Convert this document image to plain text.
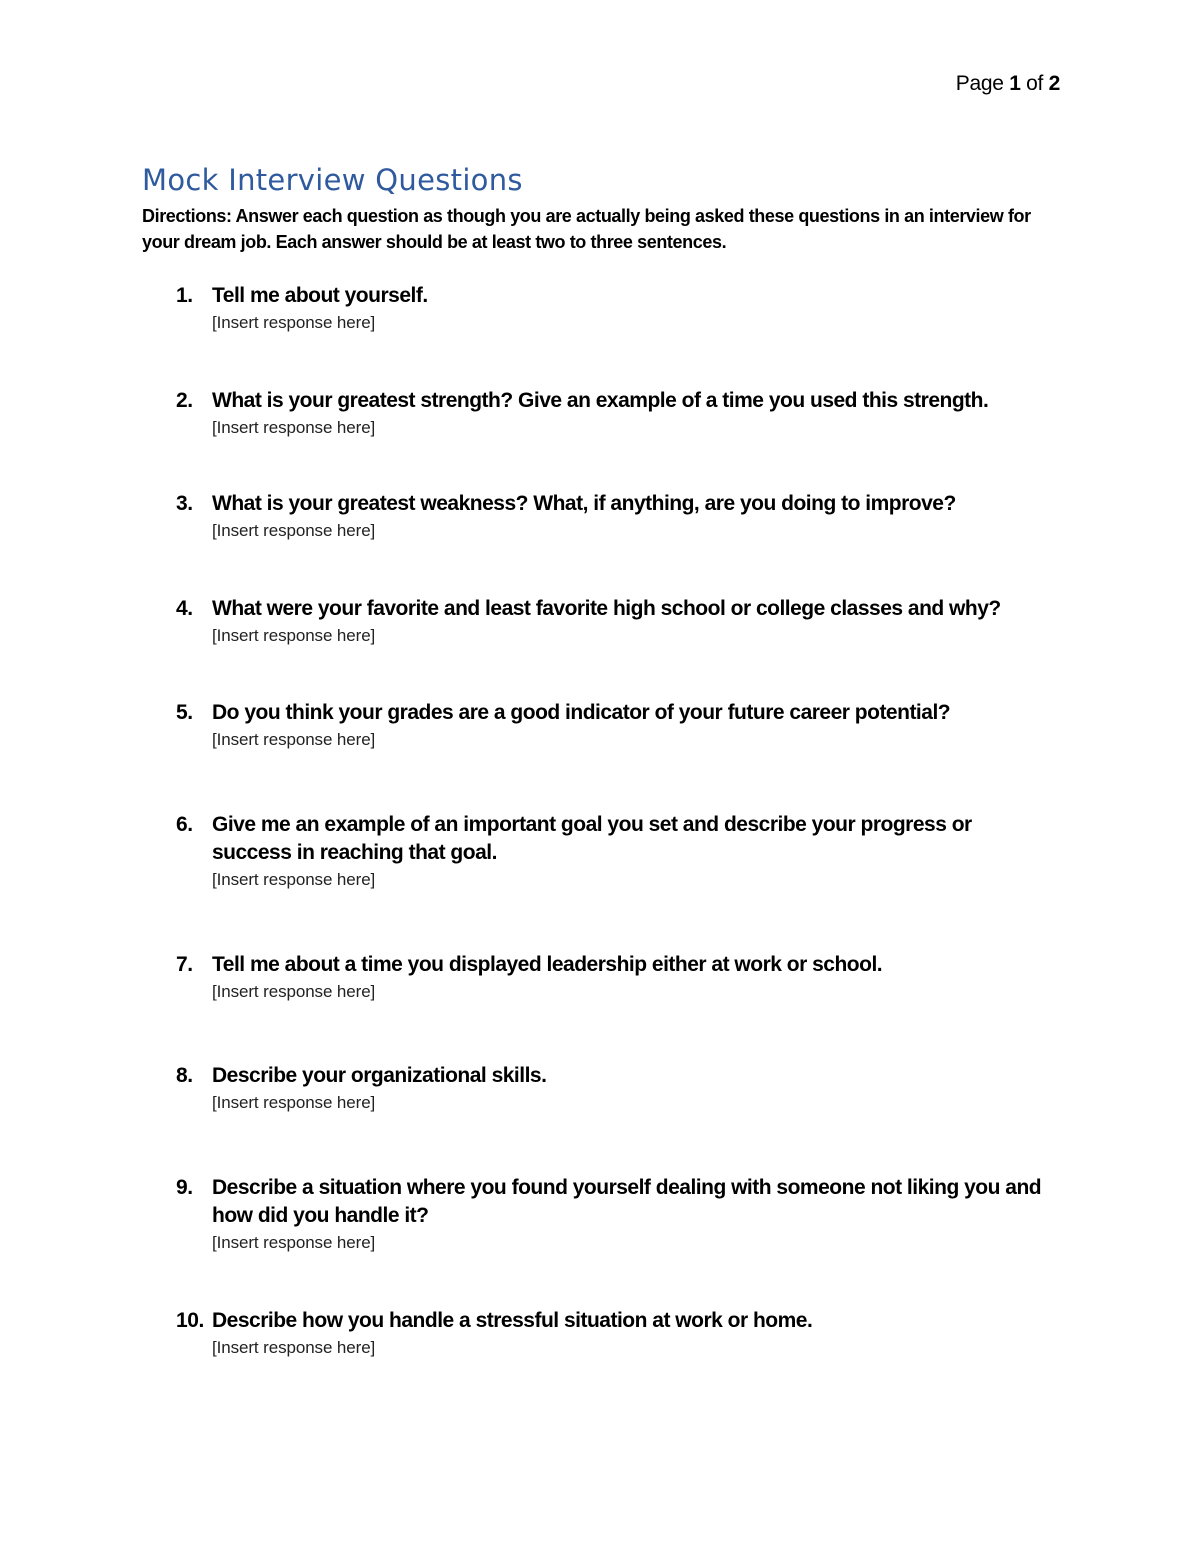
Page 1 of 2
Mock Interview Questions
Directions: Answer each question as though you are actually being asked these questions in an interview for your dream job. Each answer should be at least two to three sentences.
1. Tell me about yourself.
[Insert response here]
2. What is your greatest strength? Give an example of a time you used this strength.
[Insert response here]
3. What is your greatest weakness? What, if anything, are you doing to improve?
[Insert response here]
4. What were your favorite and least favorite high school or college classes and why?
[Insert response here]
5. Do you think your grades are a good indicator of your future career potential?
[Insert response here]
6. Give me an example of an important goal you set and describe your progress or success in reaching that goal.
[Insert response here]
7. Tell me about a time you displayed leadership either at work or school.
[Insert response here]
8. Describe your organizational skills.
[Insert response here]
9. Describe a situation where you found yourself dealing with someone not liking you and how did you handle it?
[Insert response here]
10. Describe how you handle a stressful situation at work or home.
[Insert response here]
